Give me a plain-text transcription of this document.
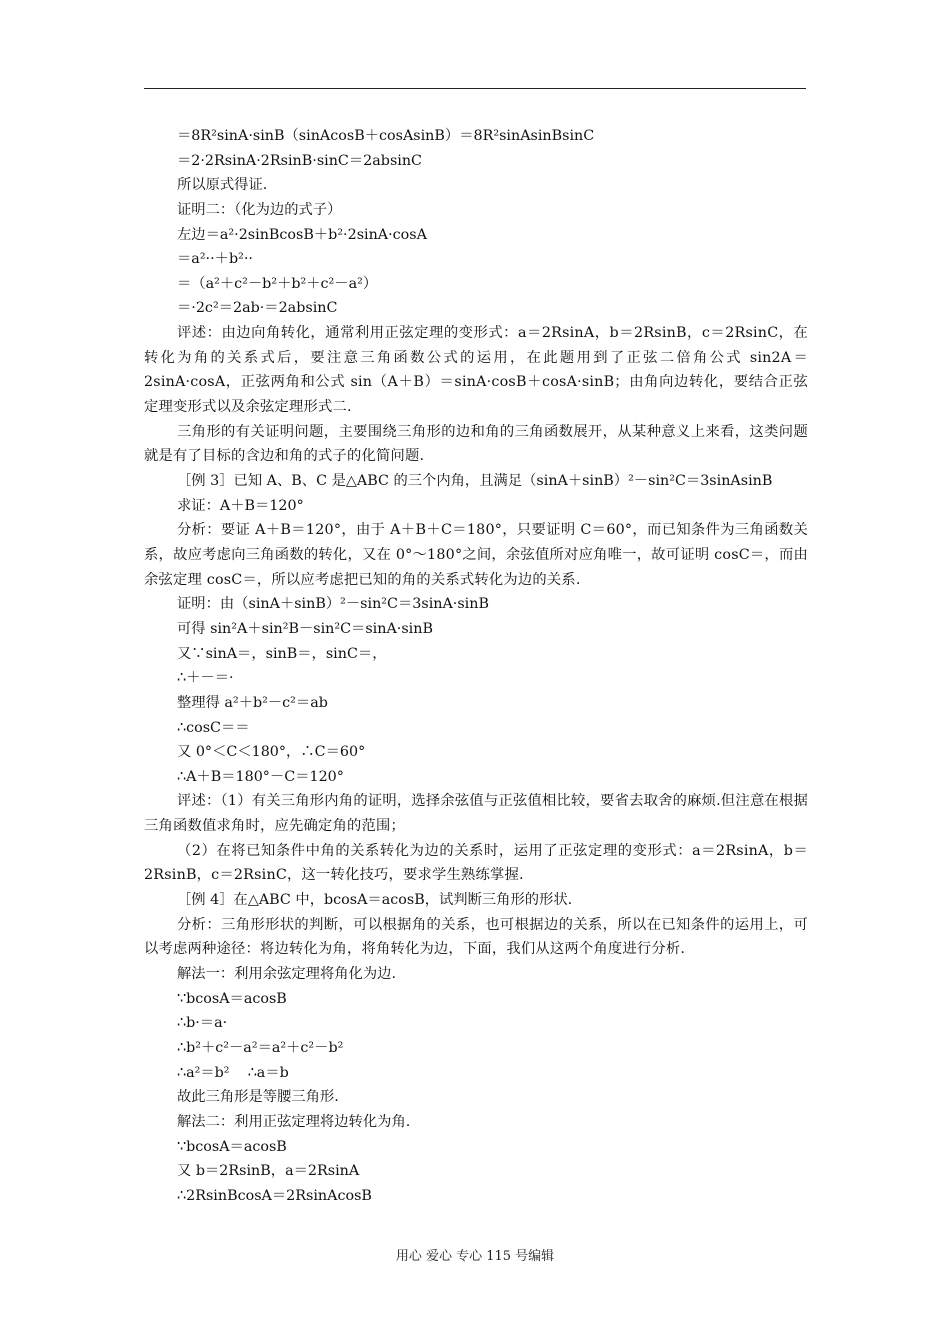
＝8R²sinA·sinB（sinAcosB＋cosAsinB）＝8R²sinAsinBsinC
＝2·2RsinA·2RsinB·sinC＝2absinC
所以原式得证.
证明二：（化为边的式子）
左边＝a²·2sinBcosB＋b²·2sinA·cosA
＝a²··＋b²··
＝（a²＋c²－b²＋b²＋c²－a²）
＝·2c²＝2ab·＝2absinC
评述：由边向角转化，通常利用正弦定理的变形式：a＝2RsinA，b＝2RsinB，c＝2RsinC，在转化为角的关系式后，要注意三角函数公式的运用，在此题用到了正弦二倍角公式 sin2A＝2sinA·cosA，正弦两角和公式 sin（A＋B）＝sinA·cosB＋cosA·sinB；由角向边转化，要结合正弦定理变形式以及余弦定理形式二.
三角形的有关证明问题，主要围绕三角形的边和角的三角函数展开，从某种意义上来看，这类问题就是有了目标的含边和角的式子的化简问题.
［例 3］已知 A、B、C 是△ABC 的三个内角，且满足（sinA＋sinB）²－sin²C＝3sinAsinB
求证：A＋B＝120°
分析：要证 A＋B＝120°，由于 A＋B＋C＝180°，只要证明 C＝60°，而已知条件为三角函数关系，故应考虑向三角函数的转化，又在 0°～180°之间，余弦值所对应角唯一，故可证明 cosC＝，而由余弦定理 cosC＝，所以应考虑把已知的角的关系式转化为边的关系.
证明：由（sinA＋sinB）²－sin²C＝3sinA·sinB
可得 sin²A＋sin²B－sin²C＝sinA·sinB
又∵sinA＝，sinB＝，sinC＝，
∴＋－＝·
整理得 a²＋b²－c²＝ab
∴cosC＝＝
又 0°＜C＜180°，∴C＝60°
∴A＋B＝180°－C＝120°
评述：（1）有关三角形内角的证明，选择余弦值与正弦值相比较，要省去取舍的麻烦.但注意在根据三角函数值求角时，应先确定角的范围；
（2）在将已知条件中角的关系转化为边的关系时，运用了正弦定理的变形式：a＝2RsinA，b＝2RsinB，c＝2RsinC，这一转化技巧，要求学生熟练掌握.
［例 4］在△ABC 中，bcosA＝acosB，试判断三角形的形状.
分析：三角形形状的判断，可以根据角的关系，也可根据边的关系，所以在已知条件的运用上，可以考虑两种途径：将边转化为角，将角转化为边，下面，我们从这两个角度进行分析.
解法一：利用余弦定理将角化为边.
∵bcosA＝acosB
∴b·＝a·
∴b²＋c²－a²＝a²＋c²－b²
∴a²＝b²    ∴a＝b
故此三角形是等腰三角形.
解法二：利用正弦定理将边转化为角.
∵bcosA＝acosB
又 b＝2RsinB，a＝2RsinA
∴2RsinBcosA＝2RsinAcosB
用心 爱心 专心 115 号编辑
